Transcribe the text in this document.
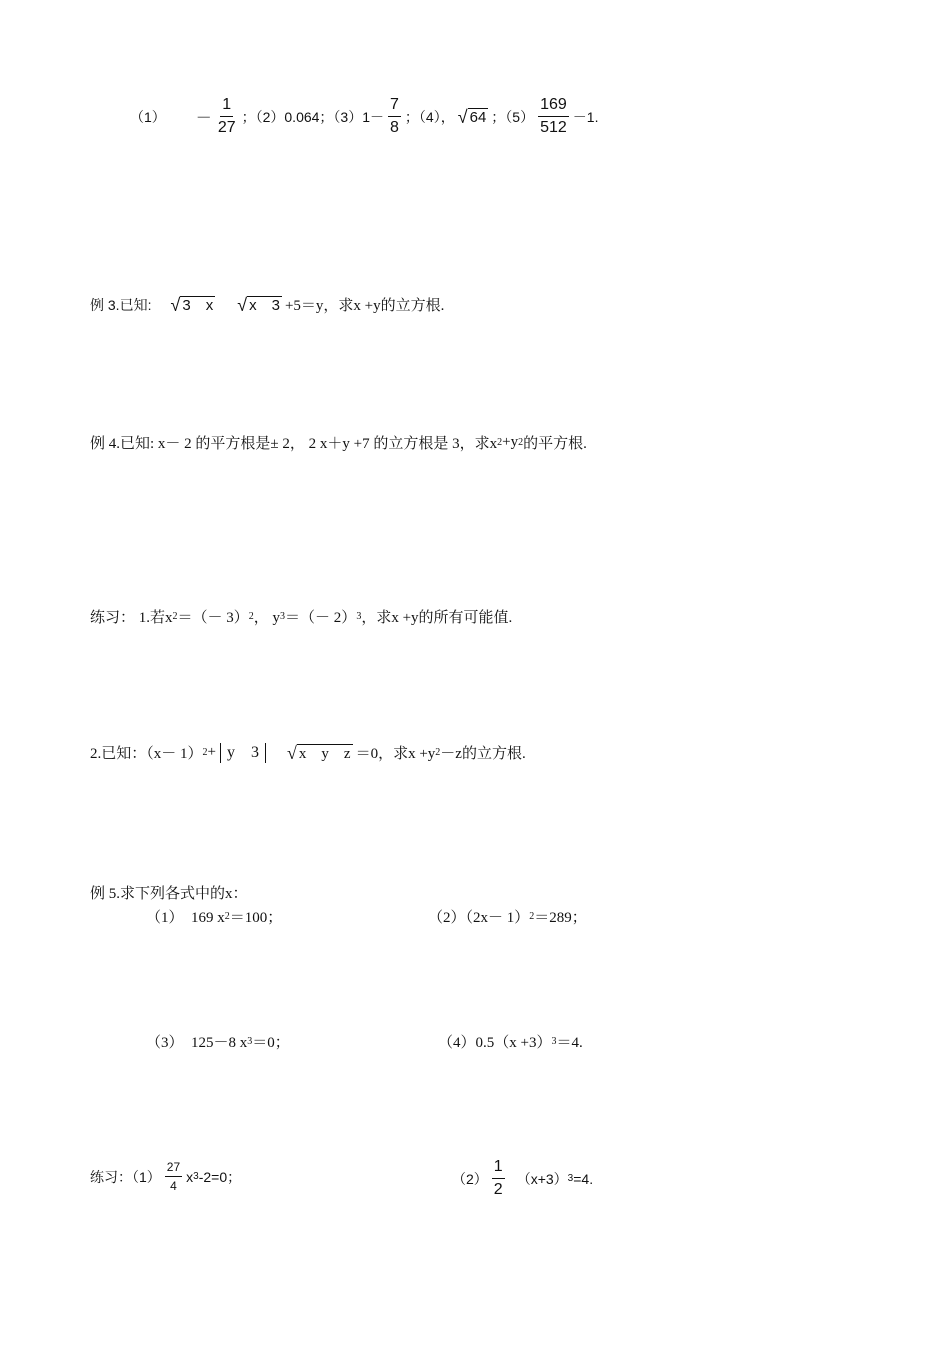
$(1) - \frac{1}{27}$ ；（2）0.064；$(3)1- \frac{7}{8}$ ；（4）， √ 64 ；$(5) \frac{169}{512} -1$.
例 3.已知: √ 3　x √ x　3 +5＝y，求x +y的立方根.
例 4.已知: x－ 2 的平方根是± 2， 2 x＋y +7 的立方根是 3，求x 2 +y 2 的平方根.
练习： 1.若x 2 ＝（－ 3） 2 ， y 3 ＝（－ 2） 3 ，求x +y的所有可能值.
2.已知：（x－ 1） 2 + y　3	√ x　y　z ＝0，求x +y 2 －z的立方根.
例 5.求下列各式中的x：
（1）　169 x 2 ＝100；	（2）（2x－ 1） 2 ＝289；
（3）　125－8 x 3 ＝0；	（4）0.5（x +3） 3 ＝4.
练习：$(1) \frac{27}{4}$ x 3 -2=0；	$(2) \frac{1}{2} (x+3)$ 3 =4.
